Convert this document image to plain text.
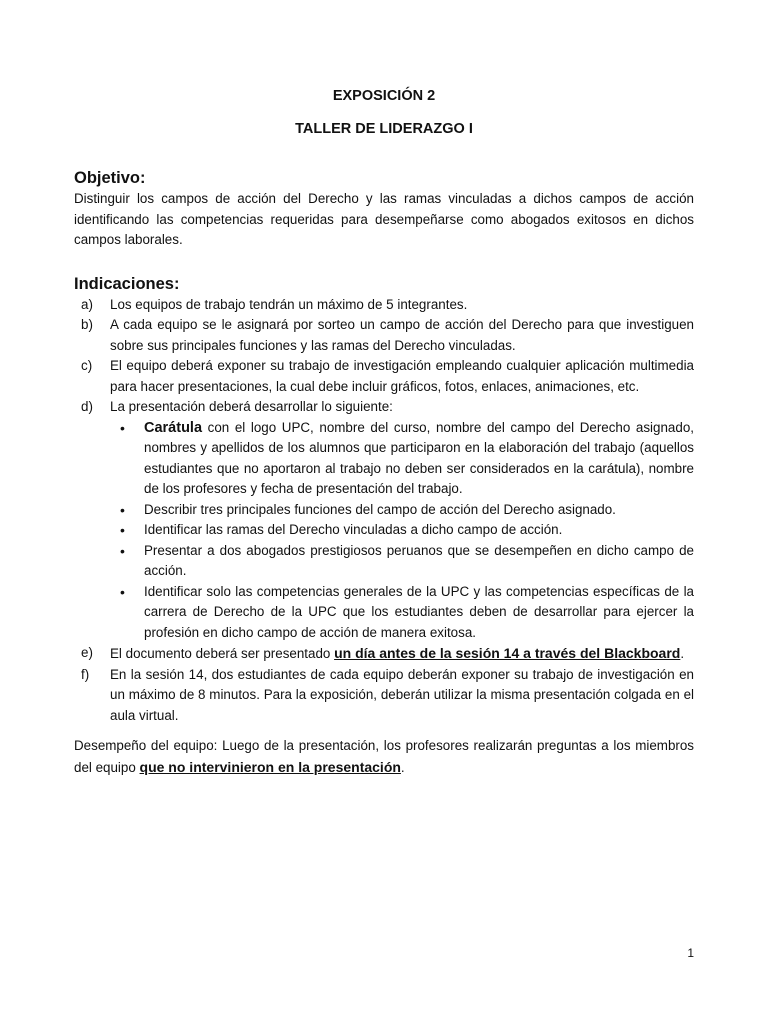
EXPOSICIÓN 2

TALLER DE LIDERAZGO I

Objetivo:

Distinguir los campos de acción del Derecho y las ramas vinculadas a dichos campos de acción identificando las competencias requeridas para desempeñarse como abogados exitosos en dichos campos laborales.

Indicaciones:
a) Los equipos de trabajo tendrán un máximo de 5 integrantes.
b) A cada equipo se le asignará por sorteo un campo de acción del Derecho para que investiguen sobre sus principales funciones y las ramas del Derecho vinculadas.
c) El equipo deberá exponer su trabajo de investigación empleando cualquier aplicación multimedia para hacer presentaciones, la cual debe incluir gráficos, fotos, enlaces, animaciones, etc.
d) La presentación deberá desarrollar lo siguiente:
• Carátula con el logo UPC, nombre del curso, nombre del campo del Derecho asignado, nombres y apellidos de los alumnos que participaron en la elaboración del trabajo (aquellos estudiantes que no aportaron al trabajo no deben ser considerados en la carátula), nombre de los profesores y fecha de presentación del trabajo.
• Describir tres principales funciones del campo de acción del Derecho asignado.
• Identificar las ramas del Derecho vinculadas a dicho campo de acción.
• Presentar a dos abogados prestigiosos peruanos que se desempeñen en dicho campo de acción.
• Identificar solo las competencias generales de la UPC y las competencias específicas de la carrera de Derecho de la UPC que los estudiantes deben de desarrollar para ejercer la profesión en dicho campo de acción de manera exitosa.
e) El documento deberá ser presentado un día antes de la sesión 14 a través del Blackboard.
f) En la sesión 14, dos estudiantes de cada equipo deberán exponer su trabajo de investigación en un máximo de 8 minutos. Para la exposición, deberán utilizar la misma presentación colgada en el aula virtual.

Desempeño del equipo: Luego de la presentación, los profesores realizarán preguntas a los miembros del equipo que no intervinieron en la presentación.

1
